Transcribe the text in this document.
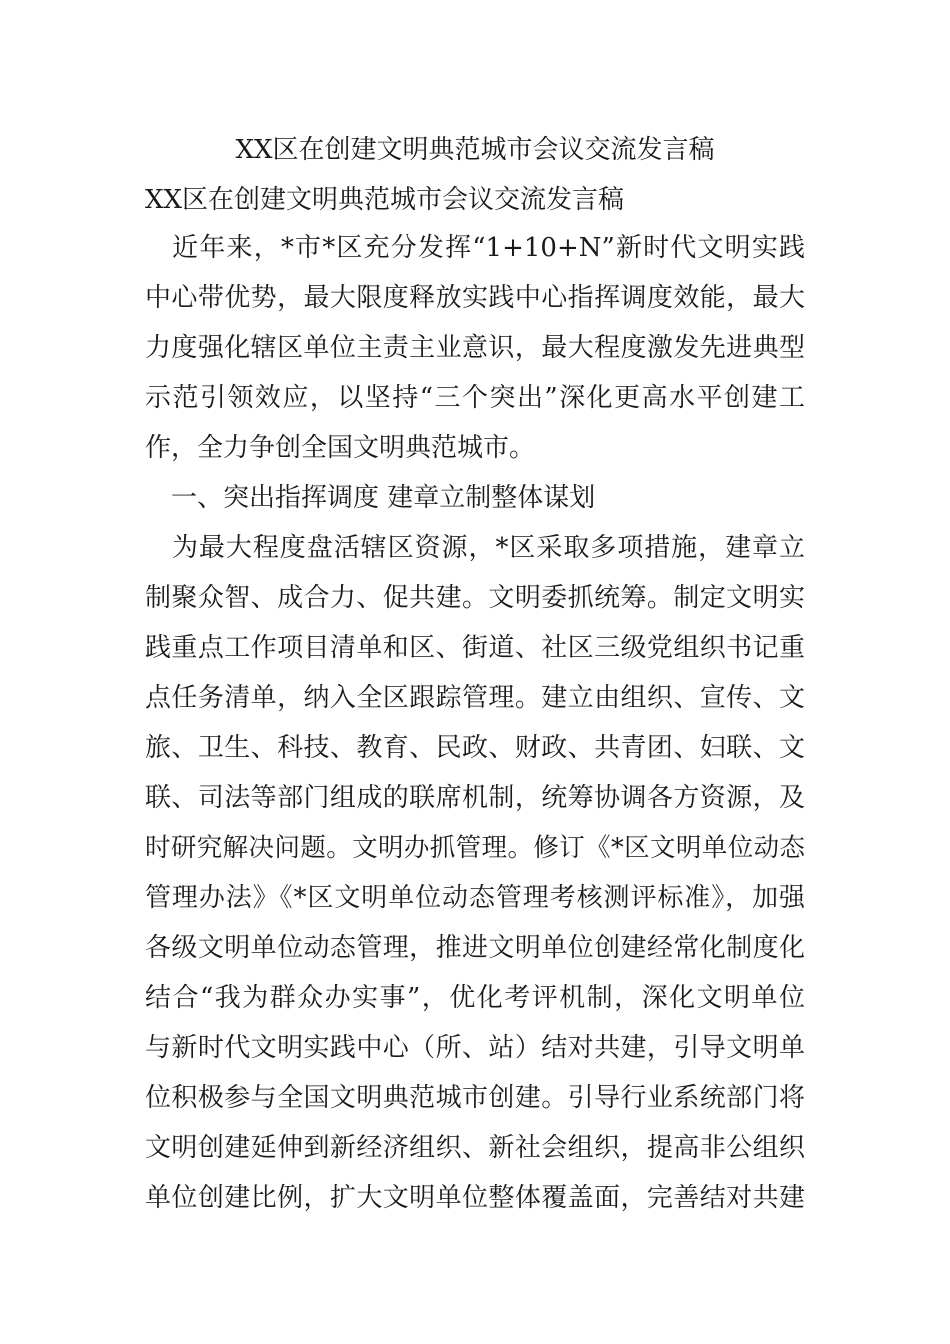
XX区在创建文明典范城市会议交流发言稿
XX区在创建文明典范城市会议交流发言稿
　近年来，*市*区充分发挥“1+10+N”新时代文明实践
中心带优势，最大限度释放实践中心指挥调度效能，最大
力度强化辖区单位主责主业意识，最大程度激发先进典型
示范引领效应，以坚持“三个突出”深化更高水平创建工
作，全力争创全国文明典范城市。
　一、突出指挥调度 建章立制整体谋划
　为最大程度盘活辖区资源，*区采取多项措施，建章立
制聚众智、成合力、促共建。文明委抓统筹。制定文明实
践重点工作项目清单和区、街道、社区三级党组织书记重
点任务清单，纳入全区跟踪管理。建立由组织、宣传、文
旅、卫生、科技、教育、民政、财政、共青团、妇联、文
联、司法等部门组成的联席机制，统筹协调各方资源，及
时研究解决问题。文明办抓管理。修订《*区文明单位动态
管理办法》《*区文明单位动态管理考核测评标准》，加强
各级文明单位动态管理，推进文明单位创建经常化制度化
结合“我为群众办实事”，优化考评机制，深化文明单位
与新时代文明实践中心（所、站）结对共建，引导文明单
位积极参与全国文明典范城市创建。引导行业系统部门将
文明创建延伸到新经济组织、新社会组织，提高非公组织
单位创建比例，扩大文明单位整体覆盖面，完善结对共建
